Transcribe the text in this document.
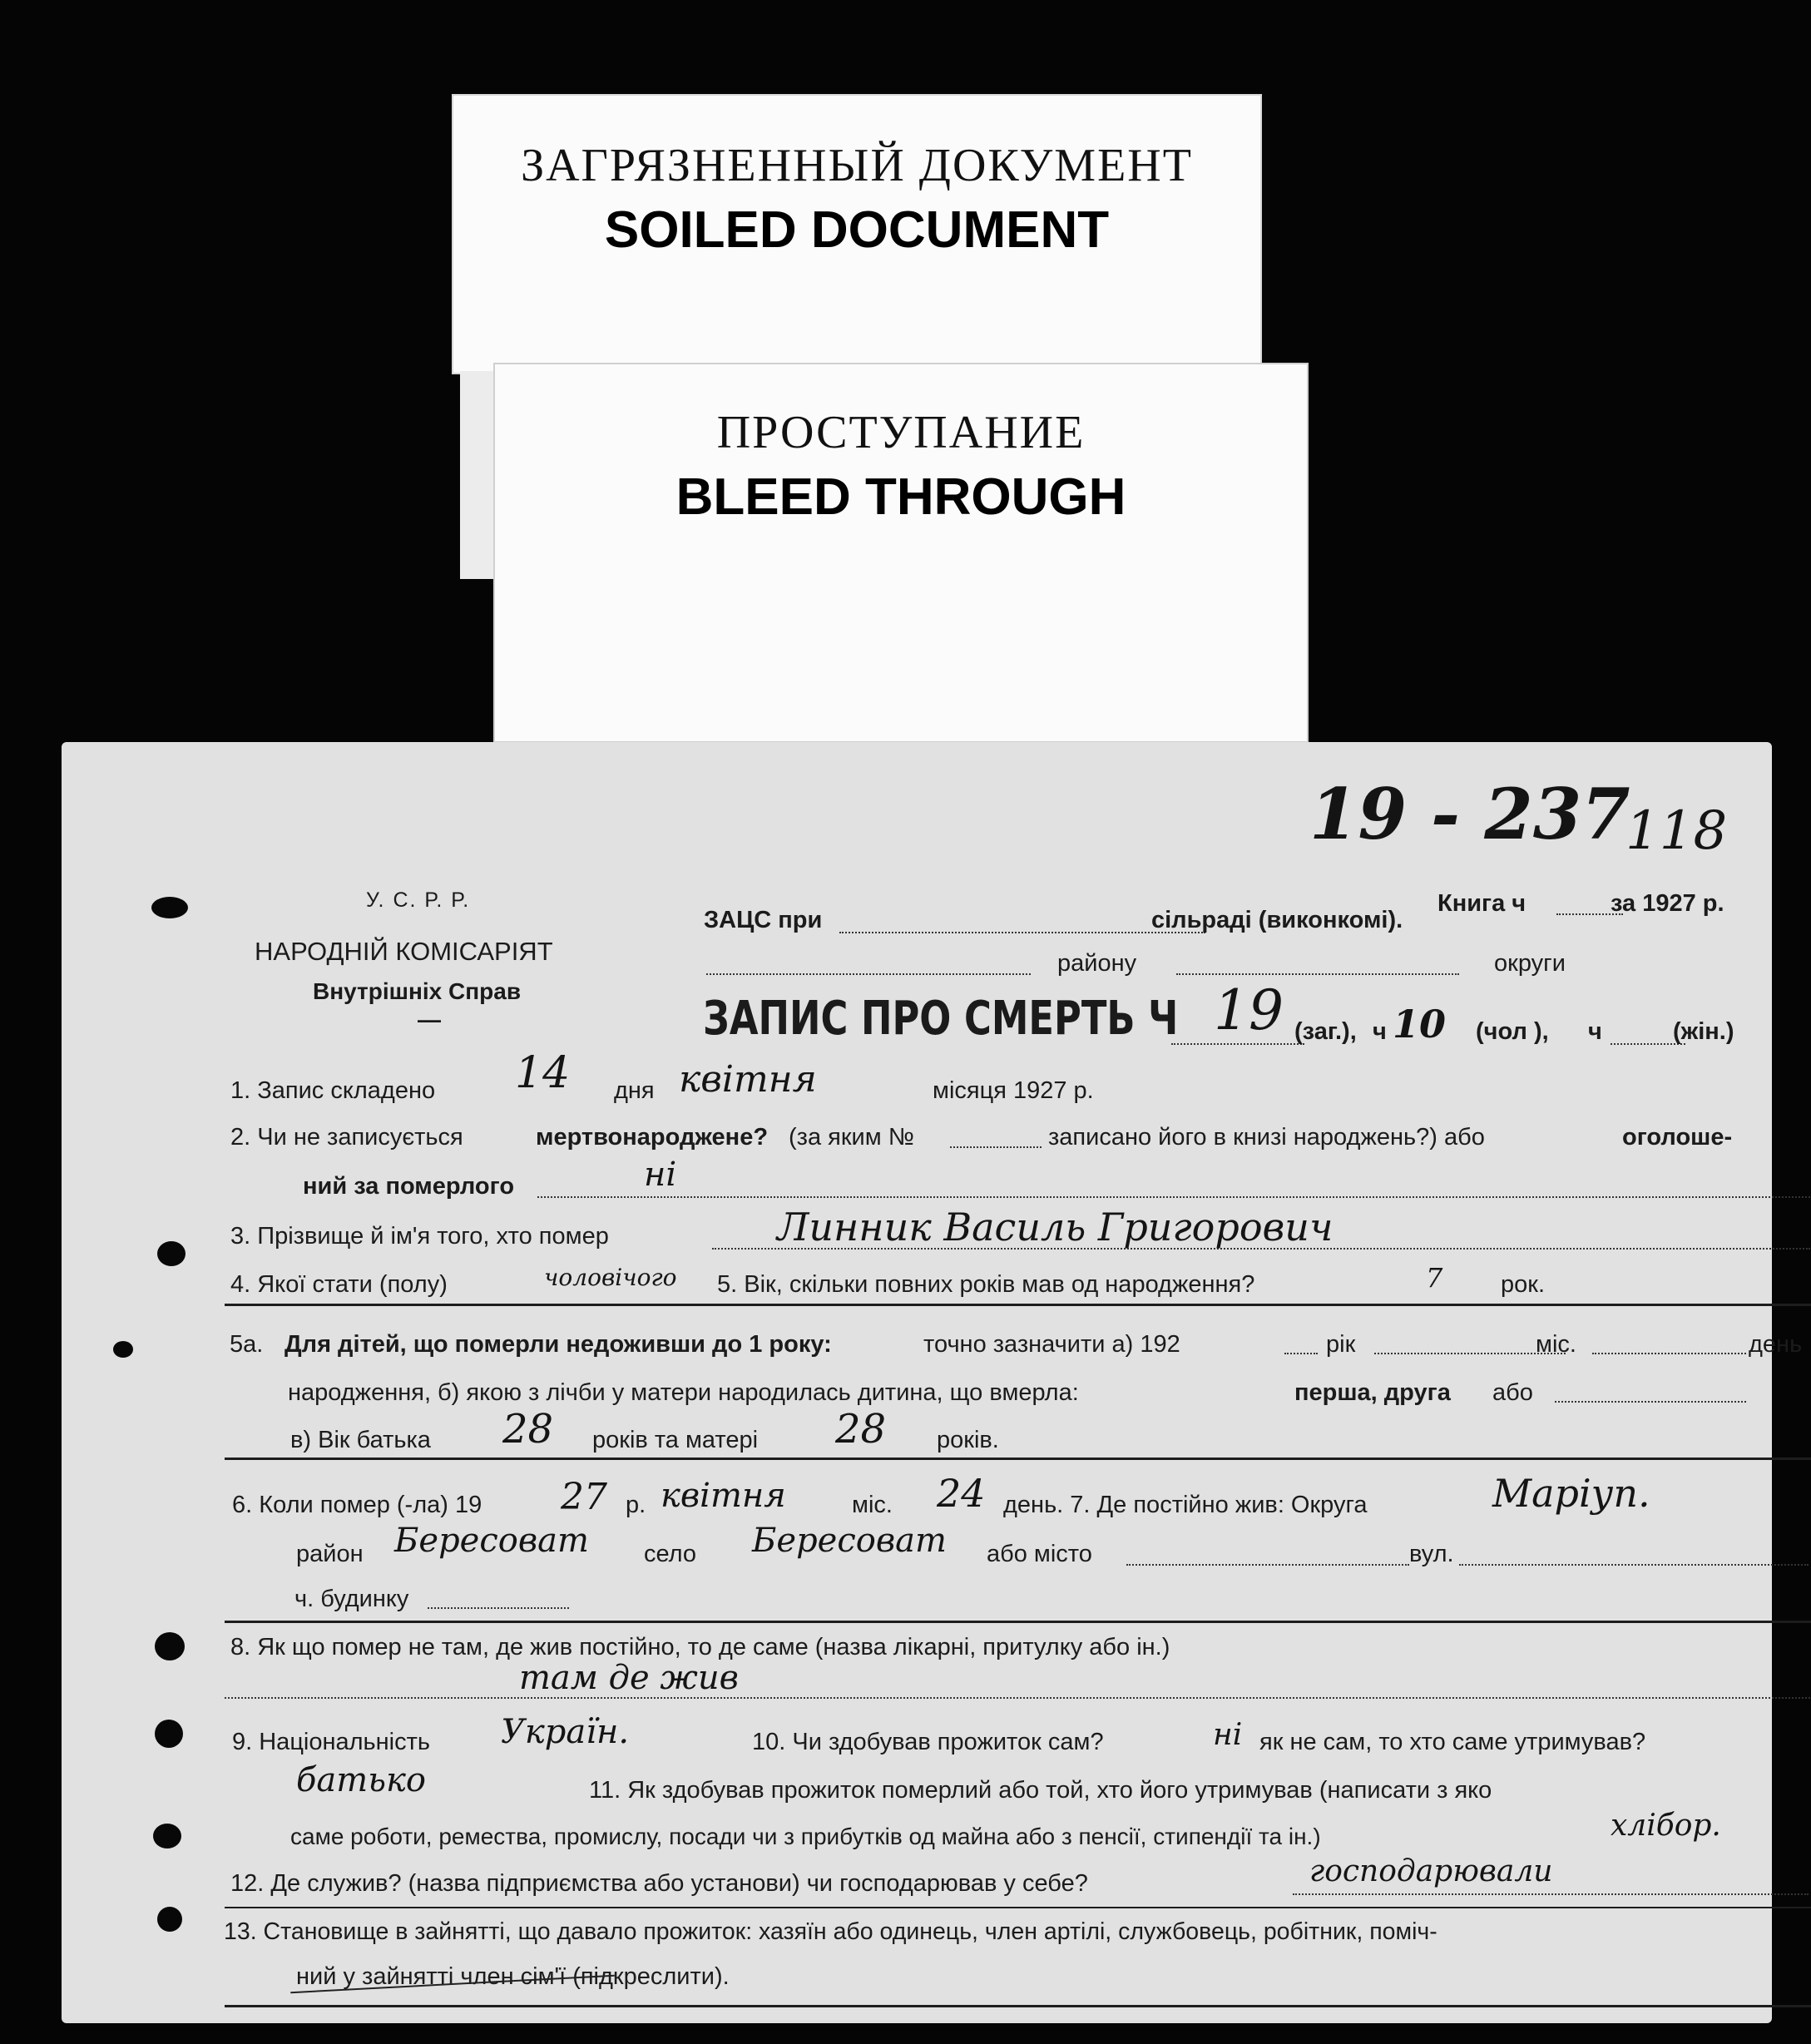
ЗАГРЯЗНЕННЫЙ ДОКУМЕНТ
SOILED DOCUMENT
ПРОСТУПАНИЕ
BLEED THROUGH
19 - 237
118
У. С. Р. Р.
НАРОДНІЙ КОМІСАРІЯТ
Внутрішніх Справ
—
ЗАЦС при	сільраді (виконкомі).
Книга ч	за 1927 р.
району	округи
ЗАПИС ПРО СМЕРТЬ Ч 19 (заг.), ч 10 (чол ), ч	(жін.)
1. Запис складено 14 дня квітня	місяця 1927 р.
2. Чи не записується	мертвонароджене? (за яким №	записано його в книзі народжень?) або	оголоше-
ний за померлого	ні
3. Прізвище й ім'я того, хто помер	Линник Василь Григорович
4. Якої стати (полу)	чоловічого 5. Вік, скільки повних років мав од народження?	7 рок.
5а. Для дітей, що померли недоживши до 1 року:	точно зазначити а) 192	рік	міс.	день
народження, б) якою з лічби у матери народилась дитина, що вмерла:	перша, друга або
в) Вік батька 28 років та матері 28 років.
6. Коли помер (-ла) 19 27 р. квітня	міс. 24 день. 7. Де постійно жив: Округа	Маріуп.
район Бересоват село Бересоват або місто	вул.
ч. будинку
8. Як що помер не там, де жив постійно, то де саме (назва лікарні, притулку або ін.)
там де жив
9. Національність Україн.	10. Чи здобував прожиток сам?	ні як не сам, то хто саме утримував?
батько	11. Як здобував прожиток померлий або той, хто його утримував (написати з яко
саме роботи, ремества, промислу, посади чи з прибутків од майна або з пенсії, стипендії та ін.)	хлібор.
12. Де служив? (назва підприємства або установи) чи господарював у себе?	господарювали
13. Становище в зайнятті, що давало прожиток: хазяїн або одинець, член артілі, службовець, робітник, поміч-
ний у зайнятті член сім'ї (підкреслити).
